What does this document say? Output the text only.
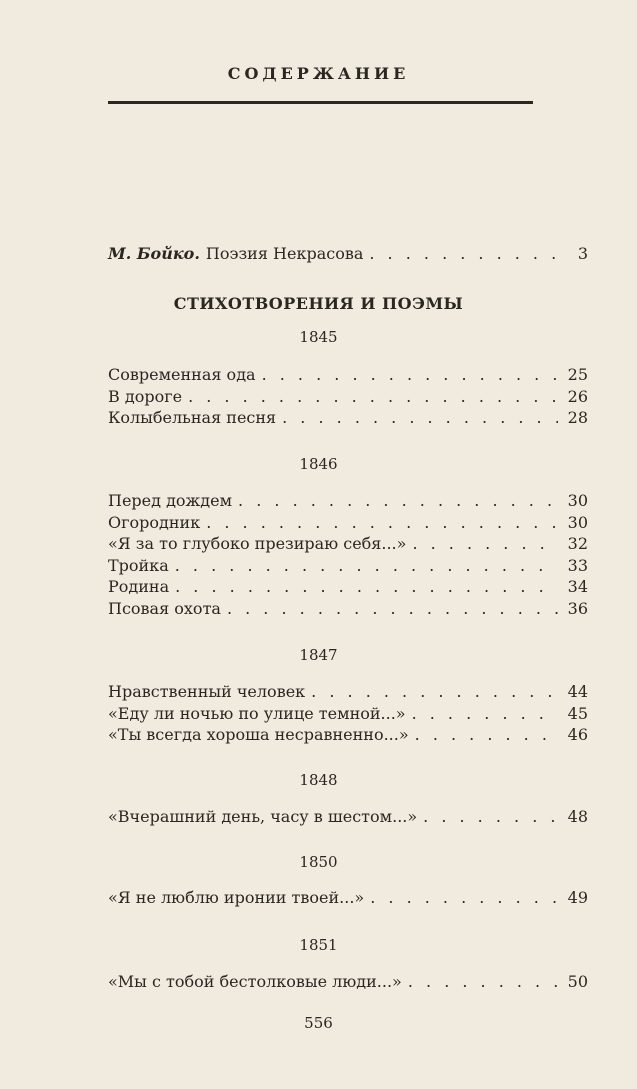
СОДЕРЖАНИЕ
М. Бойко. Поэзия Некрасова . . .	3
СТИХОТВОРЕНИЯ И ПОЭМЫ
1845
Современная ода . . .	25
В дороге . . .	26
Колыбельная песня . . .	28
1846
Перед дождем . . .	30
Огородник . . .	30
«Я за то глубоко презираю себя...» . . .	32
Тройка . . .	33
Родина . . .	34
Псовая охота . . .	36
1847
Нравственный человек . . .	44
«Еду ли ночью по улице темной...» . . .	45
«Ты всегда хороша несравненно...» . . .	46
1848
«Вчерашний день, часу в шестом...» . . .	48
1850
«Я не люблю иронии твоей...» . . .	49
1851
«Мы с тобой бестолковые люди...» . . .	50
556
